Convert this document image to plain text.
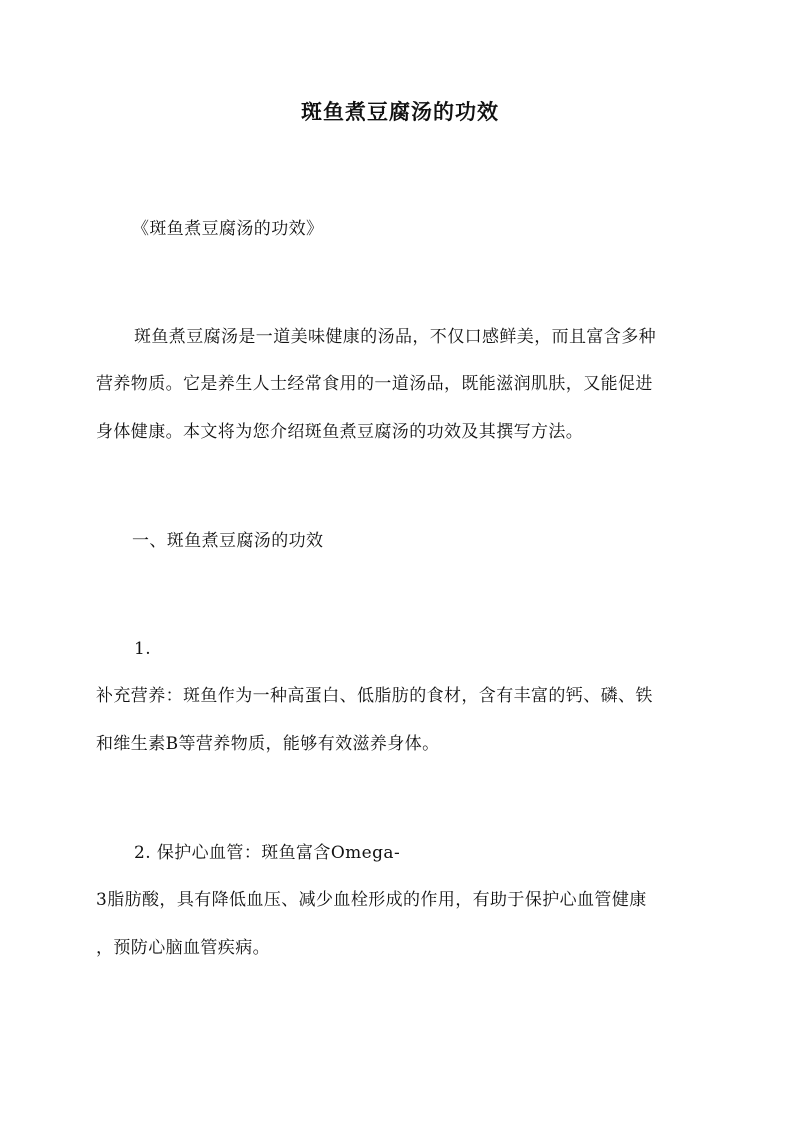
斑鱼煮豆腐汤的功效
《斑鱼煮豆腐汤的功效》
斑鱼煮豆腐汤是一道美味健康的汤品，不仅口感鲜美，而且富含多种
营养物质。它是养生人士经常食用的一道汤品，既能滋润肌肤，又能促进
身体健康。本文将为您介绍斑鱼煮豆腐汤的功效及其撰写方法。
一、斑鱼煮豆腐汤的功效
1.
补充营养：斑鱼作为一种高蛋白、低脂肪的食材，含有丰富的钙、磷、铁
和维生素B等营养物质，能够有效滋养身体。
2. 保护心血管：斑鱼富含Omega-
3脂肪酸，具有降低血压、减少血栓形成的作用，有助于保护心血管健康
，预防心脑血管疾病。
